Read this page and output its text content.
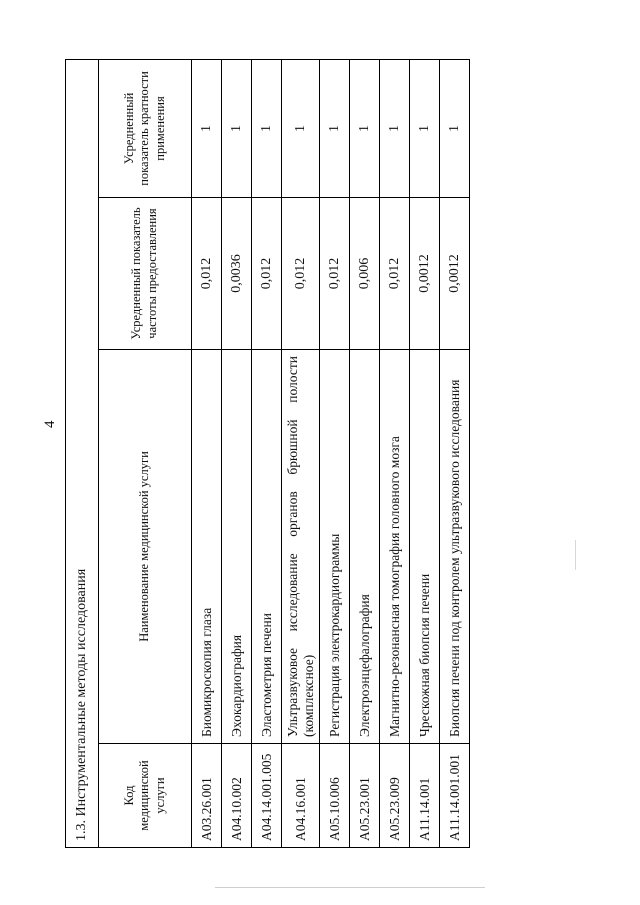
4
1.3. Инструментальные методы исследования			
Код медицинской услуги	Наименование медицинской услуги	Усредненный показатель частоты предоставления	Усредненный показатель кратности применения
A03.26.001	Биомикроскопия глаза	0,012	1
A04.10.002	Эхокардиография	0,0036	1
A04.14.001.005	Эластометрия печени	0,012	1
A04.16.001	Ультразвуковое исследование органов брюшной полости (комплексное)	0,012	1
A05.10.006	Регистрация электрокардиограммы	0,012	1
A05.23.001	Электроэнцефалография	0,006	1
A05.23.009	Магнитно-резонансная томография головного мозга	0,012	1
A11.14.001	Чрескожная биопсия печени	0,0012	1
A11.14.001.001	Биопсия печени под контролем ультразвукового исследования	0,0012	1
